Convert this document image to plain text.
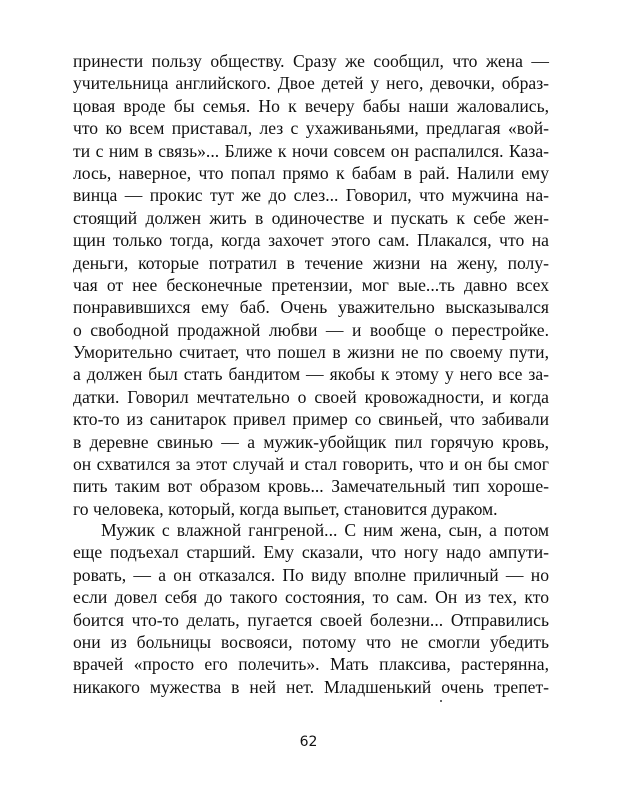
принести пользу обществу. Сразу же сообщил, что жена —
учительница английского. Двое детей у него, девочки, образ-
цовая вроде бы семья. Но к вечеру бабы наши жаловались,
что ко всем приставал, лез с ухаживаньями, предлагая «вой-
ти с ним в связь»... Ближе к ночи совсем он распалился. Каза-
лось, наверное, что попал прямо к бабам в рай. Налили ему
винца — прокис тут же до слез... Говорил, что мужчина на-
стоящий должен жить в одиночестве и пускать к себе жен-
щин только тогда, когда захочет этого сам. Плакался, что на
деньги, которые потратил в течение жизни на жену, полу-
чая от нее бесконечные претензии, мог вые...ть давно всех
понравившихся ему баб. Очень уважительно высказывался
о свободной продажной любви — и вообще о перестройке.
Уморительно считает, что пошел в жизни не по своему пути,
а должен был стать бандитом — якобы к этому у него все за-
датки. Говорил мечтательно о своей кровожадности, и когда
кто-то из санитарок привел пример со свиньей, что забивали
в деревне свинью — а мужик-убойщик пил горячую кровь,
он схватился за этот случай и стал говорить, что и он бы смог
пить таким вот образом кровь... Замечательный тип хороше-
го человека, который, когда выпьет, становится дураком.
Мужик с влажной гангреной... С ним жена, сын, а потом
еще подъехал старший. Ему сказали, что ногу надо ампути-
ровать, — а он отказался. По виду вполне приличный — но
если довел себя до такого состояния, то сам. Он из тех, кто
боится что-то делать, пугается своей болезни... Отправились
они из больницы восвояси, потому что не смогли убедить
врачей «просто его полечить». Мать плаксива, растерянна,
никакого мужества в ней нет. Младшенький очень трепет-
62
